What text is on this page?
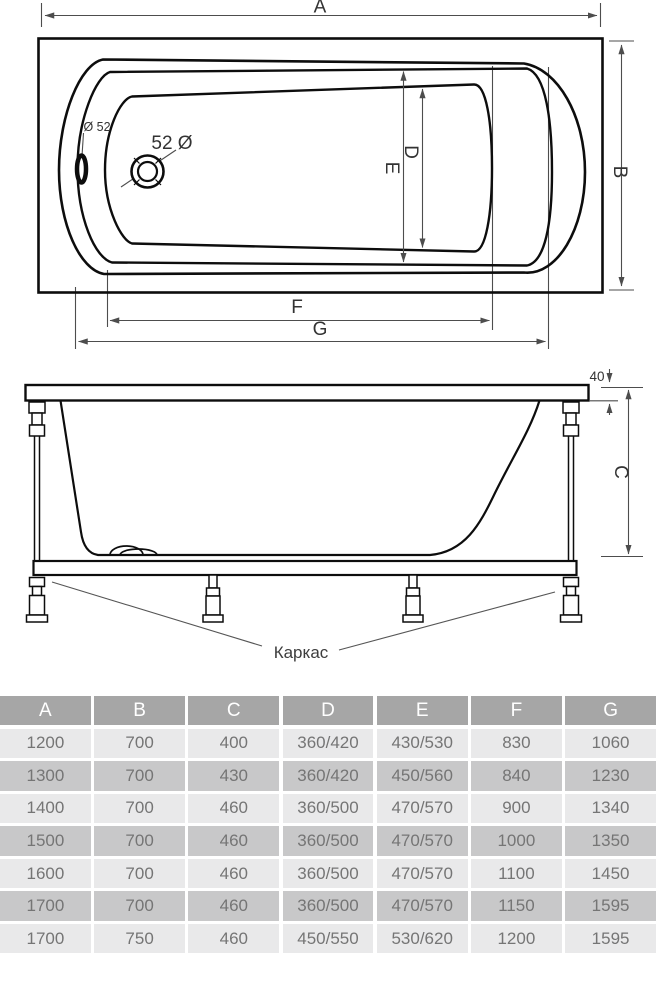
A
B
E
D
F
G
Ø 52
52 Ø
40
C
Каркас
A	B	C	D	E	F	G
1200	700	400	360/420	430/530	830	1060
1300	700	430	360/420	450/560	840	1230
1400	700	460	360/500	470/570	900	1340
1500	700	460	360/500	470/570	1000	1350
1600	700	460	360/500	470/570	1100	1450
1700	700	460	360/500	470/570	1150	1595
1700	750	460	450/550	530/620	1200	1595
